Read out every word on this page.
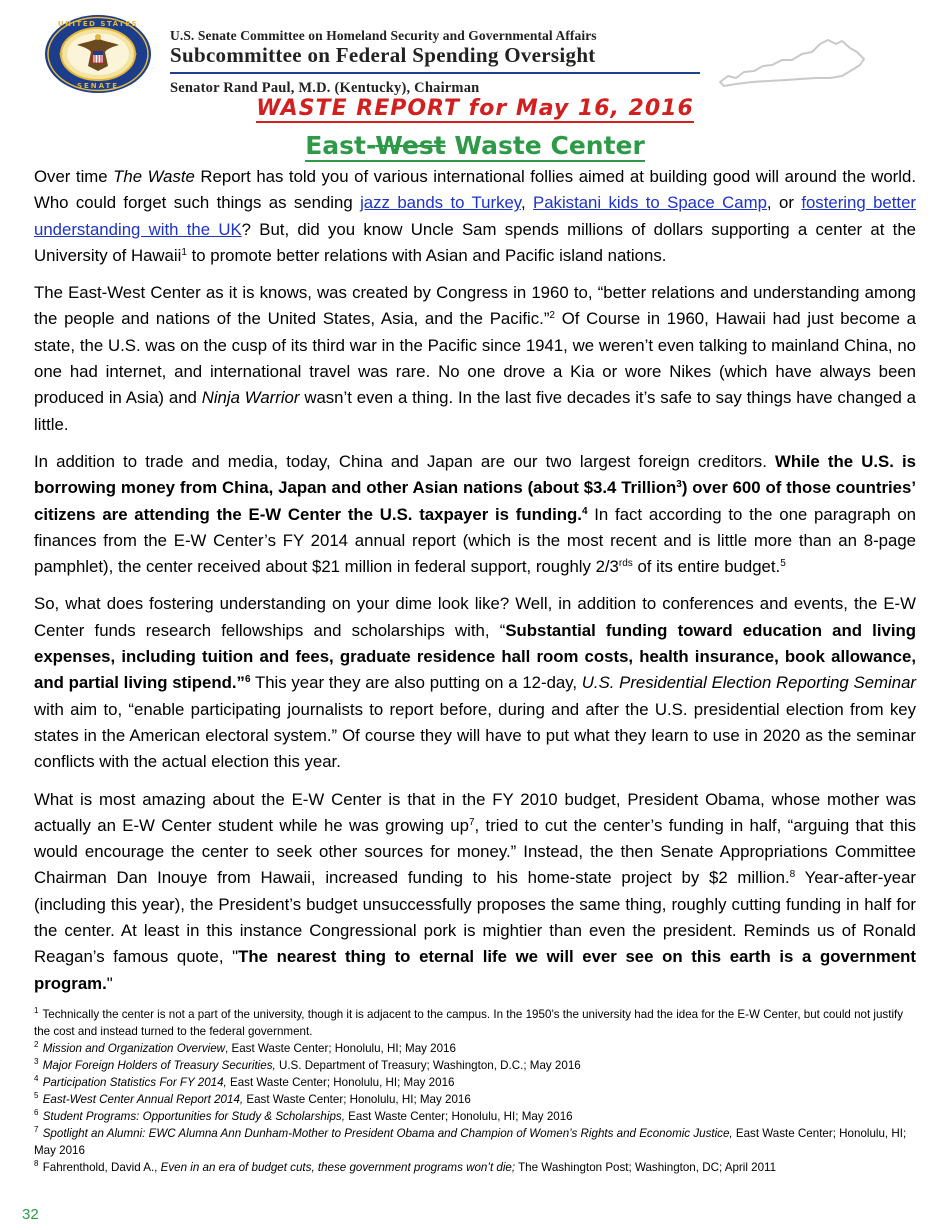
UNITED STATES
SENATE
U.S. Senate Committee on Homeland Security and Governmental Affairs
Subcommittee on Federal Spending Oversight
Senator Rand Paul, M.D. (Kentucky), Chairman
WASTE REPORT for May 16, 2016
East-West Waste Center

Over time The Waste Report has told you of various international follies aimed at building good will around the world. Who could forget such things as sending jazz bands to Turkey, Pakistani kids to Space Camp, or fostering better understanding with the UK? But, did you know Uncle Sam spends millions of dollars supporting a center at the University of Hawaii$^1$ to promote better relations with Asian and Pacific island nations.

The East-West Center as it is knows, was created by Congress in 1960 to, “better relations and understanding among the people and nations of the United States, Asia, and the Pacific.”$^2$ Of Course in 1960, Hawaii had just become a state, the U.S. was on the cusp of its third war in the Pacific since 1941, we weren’t even talking to mainland China, no one had internet, and international travel was rare. No one drove a Kia or wore Nikes (which have always been produced in Asia) and Ninja Warrior wasn’t even a thing. In the last five decades it’s safe to say things have changed a little.

In addition to trade and media, today, China and Japan are our two largest foreign creditors. While the U.S. is borrowing money from China, Japan and other Asian nations (about $3.4 Trillion$^3$) over 600 of those countries’ citizens are attending the E-W Center the U.S. taxpayer is funding.$^4$ In fact according to the one paragraph on finances from the E-W Center’s FY 2014 annual report (which is the most recent and is little more than an 8-page pamphlet), the center received about $21 million in federal support, roughly $2/3^{rds}$ of its entire budget.$^5$

So, what does fostering understanding on your dime look like? Well, in addition to conferences and events, the E-W Center funds research fellowships and scholarships with, “Substantial funding toward education and living expenses, including tuition and fees, graduate residence hall room costs, health insurance, book allowance, and partial living stipend.”$^6$ This year they are also putting on a 12-day, U.S. Presidential Election Reporting Seminar with aim to, “enable participating journalists to report before, during and after the U.S. presidential election from key states in the American electoral system.” Of course they will have to put what they learn to use in 2020 as the seminar conflicts with the actual election this year.

What is most amazing about the E-W Center is that in the FY 2010 budget, President Obama, whose mother was actually an E-W Center student while he was growing $up^7$, tried to cut the center’s funding in half, “arguing that this would encourage the center to seek other sources for money.” Instead, the then Senate Appropriations Committee Chairman Dan Inouye from Hawaii, increased funding to his home-state project by $2 million.$^8$ Year-after-year (including this year), the President’s budget unsuccessfully proposes the same thing, roughly cutting funding in half for the center. At least in this instance Congressional pork is mightier than even the president. Reminds us of Ronald Reagan’s famous quote, "The nearest thing to eternal life we will ever see on this earth is a government program."

$^1$ Technically the center is not a part of the university, though it is adjacent to the campus. In the 1950’s the university had the idea for the E-W Center, but could not justify the cost and instead turned to the federal government.

$^2$ Mission and Organization Overview, East Waste Center; Honolulu, HI; May 2016

$^3$ Major Foreign Holders of Treasury Securities, U.S. Department of Treasury; Washington, D.C.; May 2016

$^4$ Participation Statistics For FY 2014, East Waste Center; Honolulu, HI; May 2016

$^5$ East-West Center Annual Report 2014, East Waste Center; Honolulu, HI; May 2016

$^6$ Student Programs: Opportunities for Study & Scholarships, East Waste Center; Honolulu, HI; May 2016

$^7$ Spotlight an Alumni: EWC Alumna Ann Dunham-Mother to President Obama and Champion of Women’s Rights and Economic Justice, East Waste Center; Honolulu, HI; May 2016

$^8$ Fahrenthold, David A., Even in an era of budget cuts, these government programs won’t die; The Washington Post; Washington, DC; April 2011

32
